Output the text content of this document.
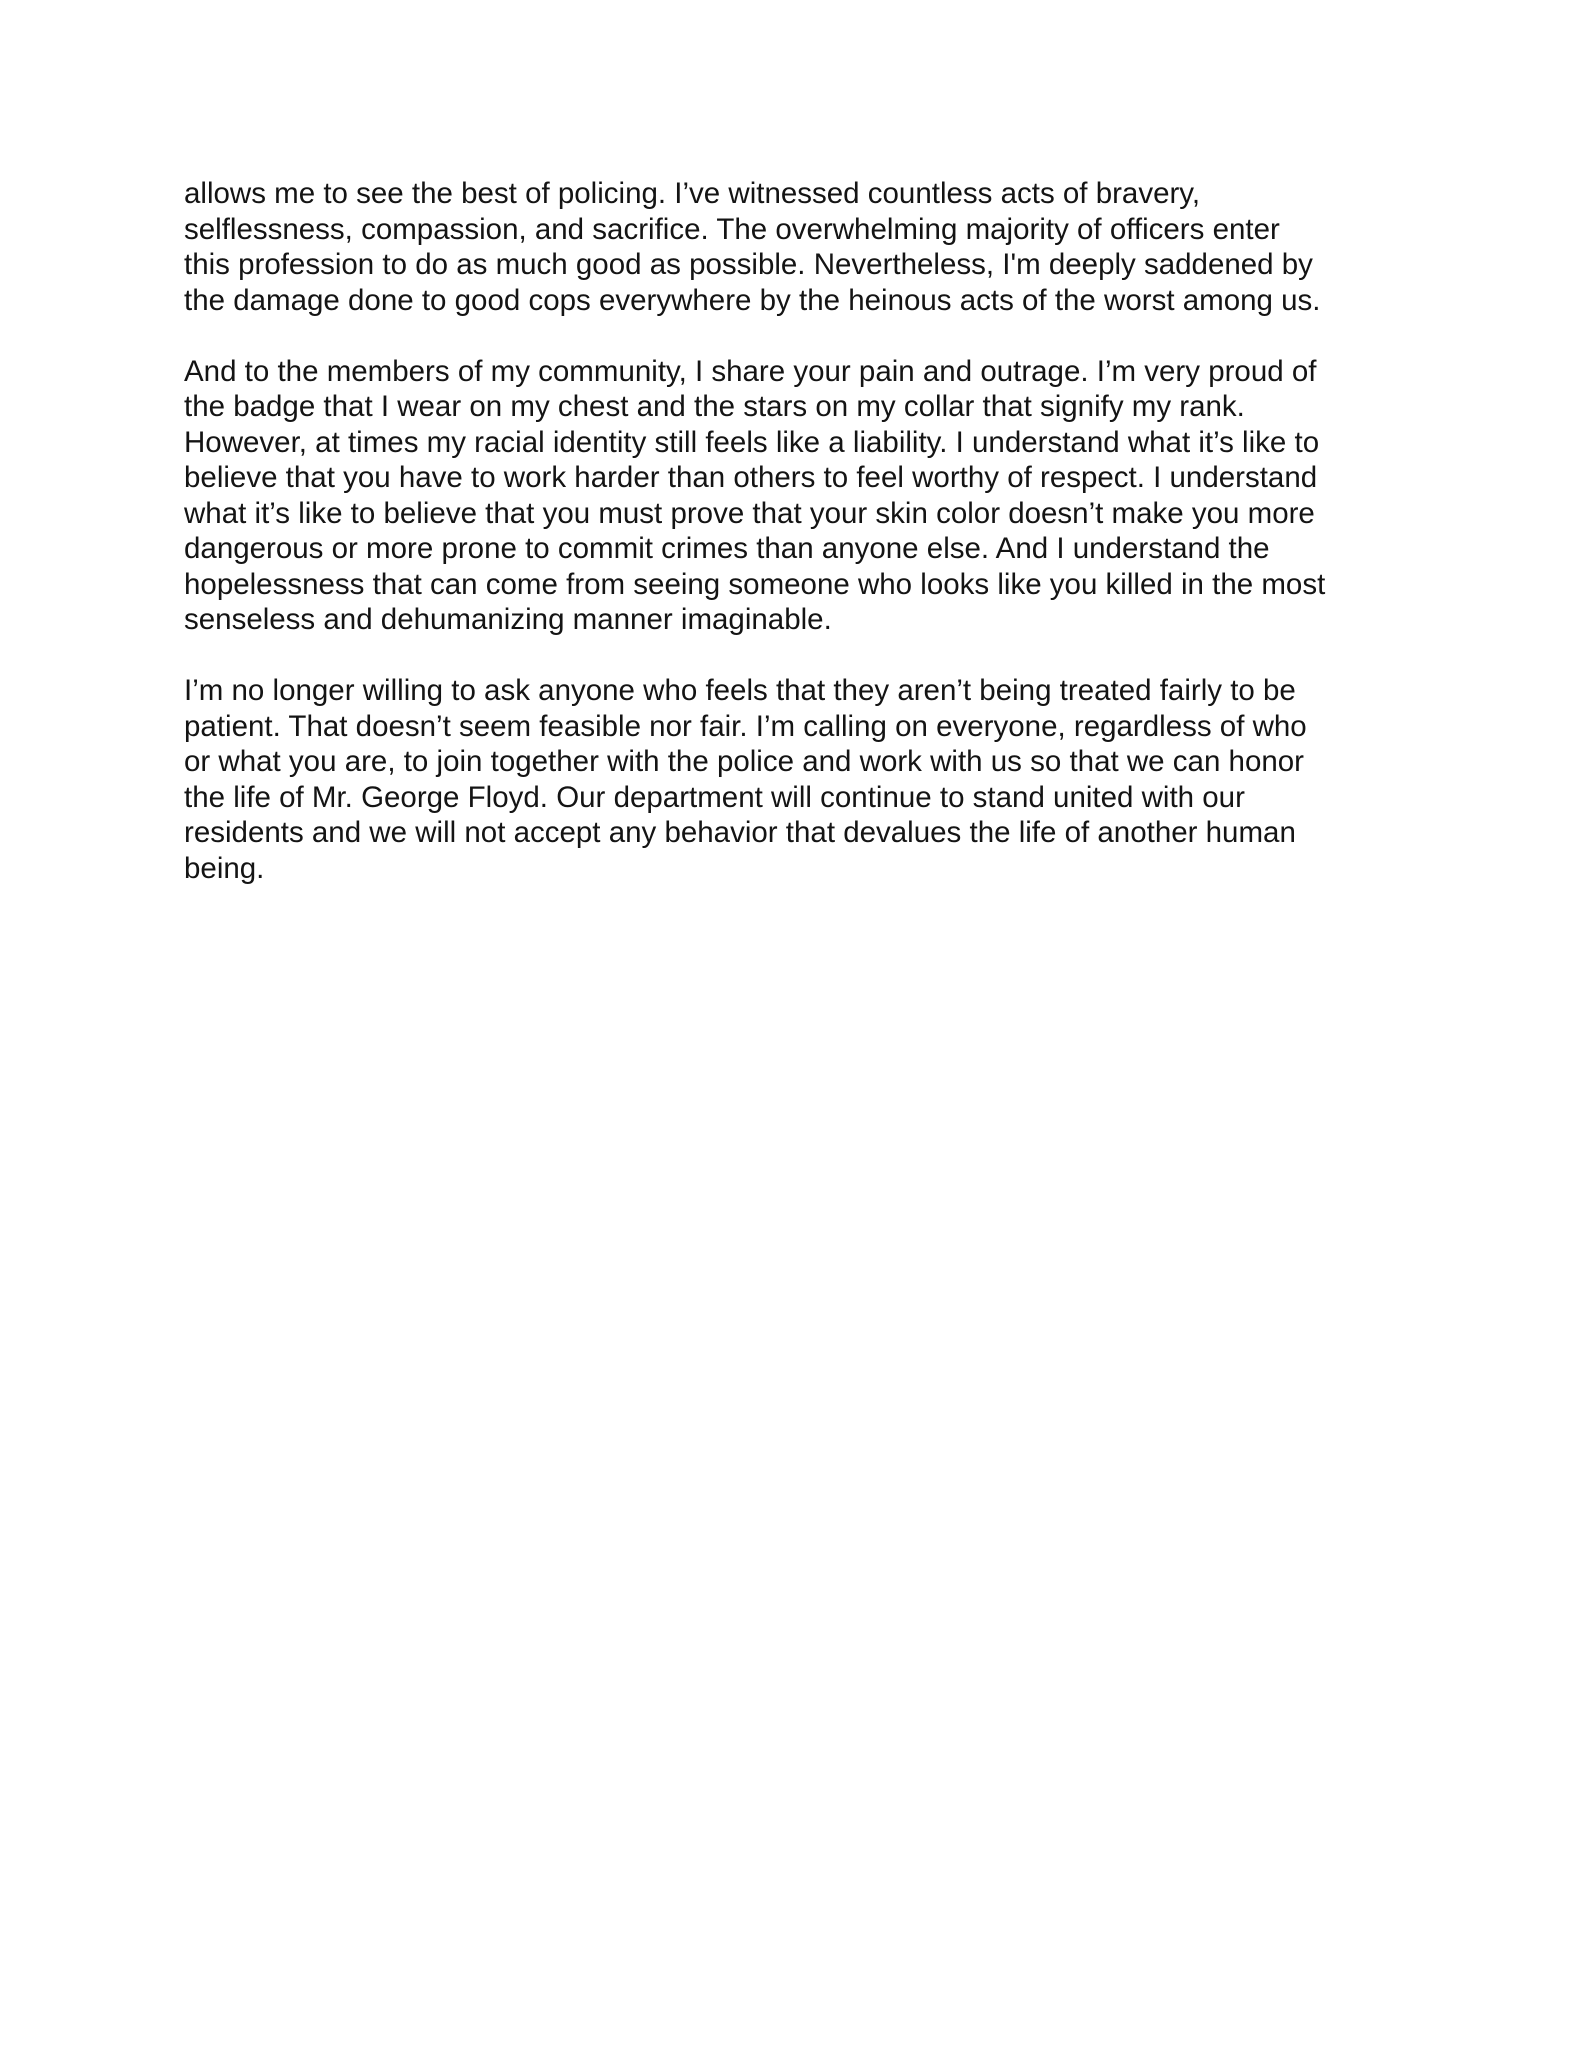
allows me to see the best of policing. I’ve witnessed countless acts of bravery,
selflessness, compassion, and sacrifice. The overwhelming majority of officers enter
this profession to do as much good as possible. Nevertheless, I'm deeply saddened by
the damage done to good cops everywhere by the heinous acts of the worst among us.

And to the members of my community, I share your pain and outrage. I’m very proud of
the badge that I wear on my chest and the stars on my collar that signify my rank.
However, at times my racial identity still feels like a liability. I understand what it’s like to
believe that you have to work harder than others to feel worthy of respect. I understand
what it’s like to believe that you must prove that your skin color doesn’t make you more
dangerous or more prone to commit crimes than anyone else. And I understand the
hopelessness that can come from seeing someone who looks like you killed in the most
senseless and dehumanizing manner imaginable.

I’m no longer willing to ask anyone who feels that they aren’t being treated fairly to be
patient. That doesn’t seem feasible nor fair. I’m calling on everyone, regardless of who
or what you are, to join together with the police and work with us so that we can honor
the life of Mr. George Floyd. Our department will continue to stand united with our
residents and we will not accept any behavior that devalues the life of another human
being.
